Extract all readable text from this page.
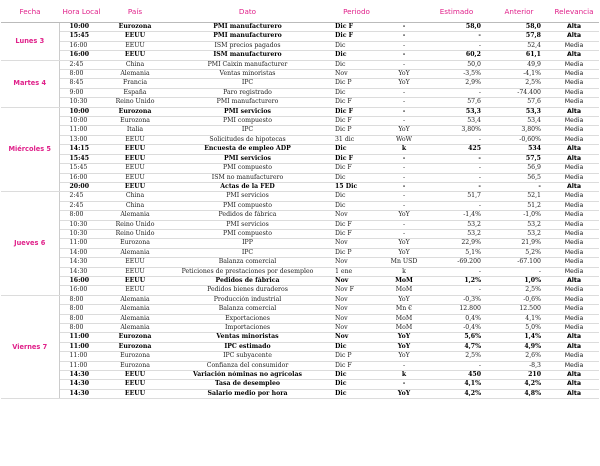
Fecha	Hora Local	País	Dato	Periodo		Estimado	Anterior	Relevancia
Lunes 3	10:00	Eurozona	PMI manufacturero	Dic F	-	58,0	58,0	Alta
	15:45	EEUU	PMI manufacturero	Dic F	-	-	57,8	Alta
	16:00	EEUU	ISM precios pagados	Dic	-	-	52,4	Media
	16:00	EEUU	ISM manufacturero	Dic	-	60,2	61,1	Alta
Martes 4	2:45	China	PMI Caixin manufacturer	Dic	-	50,0	49,9	Media
	8:00	Alemania	Ventas minoristas	Nov	YoY	-3,5%	-4,1%	Media
	8:45	Francia	IPC	Dic P	YoY	2,9%	2,5%	Media
	9:00	España	Paro registrado	Dic	-	-	-74.400	Media
	10:30	Reino Unido	PMI manufacturero	Dic F	-	57,6	57,6	Media
Miércoles 5	10:00	Eurozona	PMI servicios	Dic F	-	53,3	53,3	Alta
	10:00	Eurozona	PMI compuesto	Dic F	-	53,4	53,4	Media
	11:00	Italia	IPC	Dic P	YoY	3,80%	3,80%	Media
	13:00	EEUU	Solicitudes de hipotecas	31 dic	WoW	-	-0,60%	Media
	14:15	EEUU	Encuesta de empleo ADP	Dic	k	425	534	Alta
	15:45	EEUU	PMI servicios	Dic F	-	-	57,5	Alta
	15:45	EEUU	PMI compuesto	Dic F	-	-	56,9	Media
	16:00	EEUU	ISM no manufacturero	Dic	-	-	56,5	Media
	20:00	EEUU	Actas de la FED	15 Dic	-	-	-	Alta
Jueves 6	2:45	China	PMI servicios	Dic	-	51,7	52,1	Media
	2:45	China	PMI compuesto	Dic	-	-	51,2	Media
	8:00	Alemania	Pedidos de fábrica	Nov	YoY	-1,4%	-1,0%	Media
	10:30	Reino Unido	PMI servicios	Dic F	-	53,2	53,2	Media
	10:30	Reino Unido	PMI compuesto	Dic F	-	53,2	53,2	Media
	11:00	Eurozona	IPP	Nov	YoY	22,9%	21,9%	Media
	14:00	Alemania	IPC	Dic P	YoY	5,1%	5,2%	Media
	14:30	EEUU	Balanza comercial	Nov	Mn USD	-69.200	-67.100	Media
	14:30	EEUU	Peticiones de prestaciones por desempleo	1 ene	k	-	-	Media
	16:00	EEUU	Pedidos de fábrica	Nov	MoM	1,2%	1,0%	Alta
	16:00	EEUU	Pedidos bienes duraderos	Nov F	MoM	-	2,5%	Media
Viernes 7	8:00	Alemania	Producción industrial	Nov	YoY	-0,3%	-0,6%	Media
	8:00	Alemania	Balanza comercial	Nov	Mn €	12.800	12.500	Media
	8:00	Alemania	Exportaciones	Nov	MoM	0,4%	4,1%	Media
	8:00	Alemania	Importaciones	Nov	MoM	-0,4%	5,0%	Media
	11:00	Eurozona	Ventas minoristas	Nov	YoY	5,6%	1,4%	Alta
	11:00	Eurozona	IPC estimado	Dic	YoY	4,7%	4,9%	Alta
	11:00	Eurozona	IPC subyacente	Dic P	YoY	2,5%	2,6%	Media
	11:00	Eurozona	Confianza del consumidor	Dic F	-	-	-8,3	Media
	14:30	EEUU	Variación nóminas no agrícolas	Dic	k	450	210	Alta
	14:30	EEUU	Tasa de desempleo	Dic	-	4,1%	4,2%	Alta
	14:30	EEUU	Salario medio por hora	Dic	YoY	4,2%	4,8%	Alta
